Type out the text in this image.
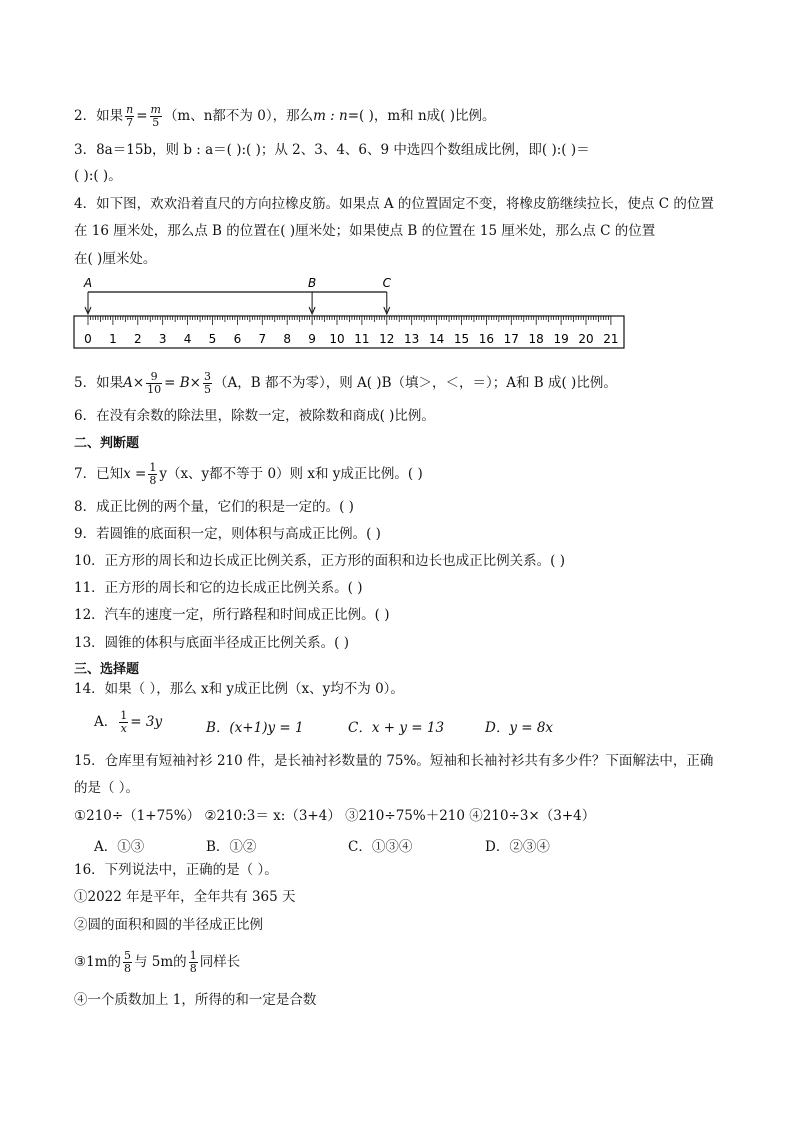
2．如果 $\frac{n}{7} = \frac{m}{5} (m$、n都不为 0），那么m : n=( )，m和 n成( )比例。
3．8a＝15b，则 b : a＝( ):( )；从 2、3、4、6、9 中选四个数组成比例，即( ):( )＝
( ):( )。
4．如下图，欢欢沿着直尺的方向拉橡皮筋。如果点 A 的位置固定不变，将橡皮筋继续拉长，使点 C 的位置
在 16 厘米处，那么点 B 的位置在( )厘米处；如果使点 B 的位置在 15 厘米处，那么点 C 的位置
在( )厘米处。
0 1 2 3 4 5 6 7 8 9 10 11 12 13 14 15 16 17 18 19 20 21
A	B	C
5．如果$A\times \frac{9}{10} = B\times \frac{3}{5} (A$，B 都不为零），则 A( )B（填＞，＜，＝）；A和 B 成( )比例。
6．在没有余数的除法里，除数一定，被除数和商成( )比例。
二、判断题
7．已知$x = \frac{1}{8} y(x$、y都不等于 0）则 x和 y成正比例。( )
8．成正比例的两个量，它们的积是一定的。( )
9．若圆锥的底面积一定，则体积与高成正比例。( )
10．正方形的周长和边长成正比例关系，正方形的面积和边长也成正比例关系。( )
11．正方形的周长和它的边长成正比例关系。( )
12．汽车的速度一定，所行路程和时间成正比例。( )
13．圆锥的体积与底面半径成正比例关系。( )
三、选择题
14．如果（ ），那么 x和 y成正比例（x、y均不为 0）。
A． $\frac{1}{x} = 3y$	B．(x+1)y = 1	C．x + y = 13	D．y = 8x
15．仓库里有短袖衬衫 210 件，是长袖衬衫数量的 75%。短袖和长袖衬衫共有多少件？下面解法中，正确
的是（ ）。
①210÷（1+75%） ②210:3＝ x:（3+4） ③210÷75%＋210 ④210÷3×（3+4）
A．①③	B．①②	C．①③④	D．②③④
16．下列说法中，正确的是（ ）。
①2022 年是平年，全年共有 365 天
②圆的面积和圆的半径成正比例
③1m的 $\frac{5}{8}$ 与 5m的 $\frac{1}{8}$ 同样长
④一个质数加上 1，所得的和一定是合数
